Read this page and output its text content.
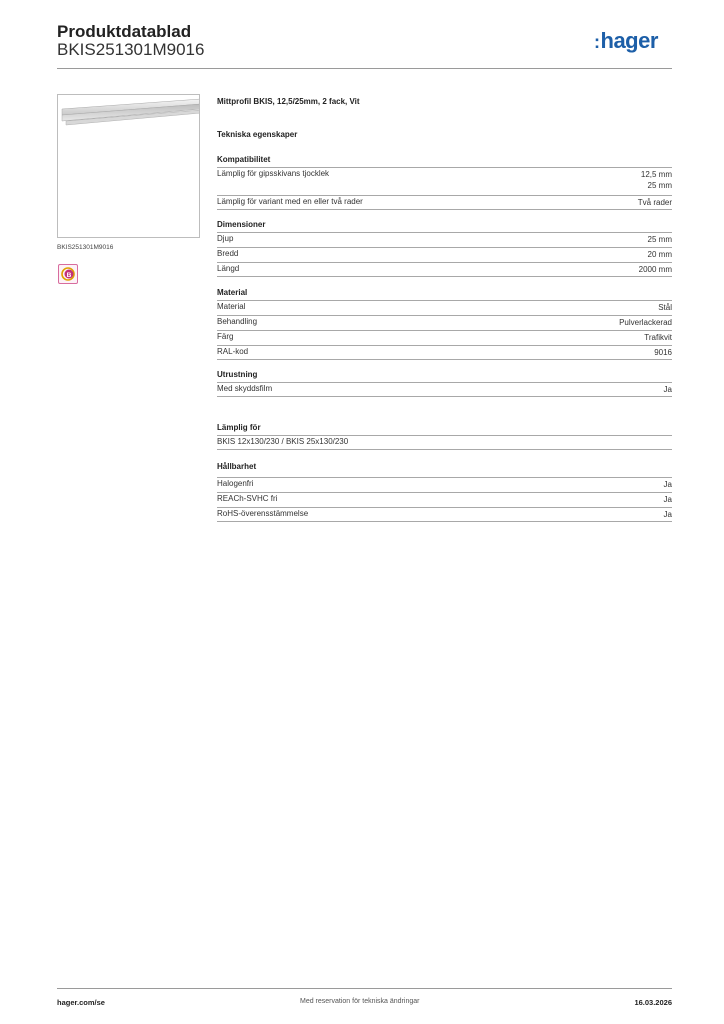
Produktdatablad
BKIS251301M9016	:hager
BKIS251301M9016
B
Mittprofil BKIS, 12,5/25mm, 2 fack, Vit
Tekniska egenskaper
Kompatibilitet
Lämplig för gipsskivans tjocklek	12,5 mm
25 mm
Lämplig för variant med en eller två rader	Två rader
Dimensioner
Djup	25 mm
Bredd	20 mm
Längd	2000 mm
Material
Material	Stål
Behandling	Pulverlackerad
Färg	Trafikvit
RAL-kod	9016
Utrustning
Med skyddsfilm	Ja
Lämplig för
BKIS 12x130/230 / BKIS 25x130/230
Hållbarhet
Halogenfri	Ja
REACh-SVHC fri	Ja
RoHS-överensstämmelse	Ja
hager.com/se	Med reservation för tekniska ändringar	16.03.2026
